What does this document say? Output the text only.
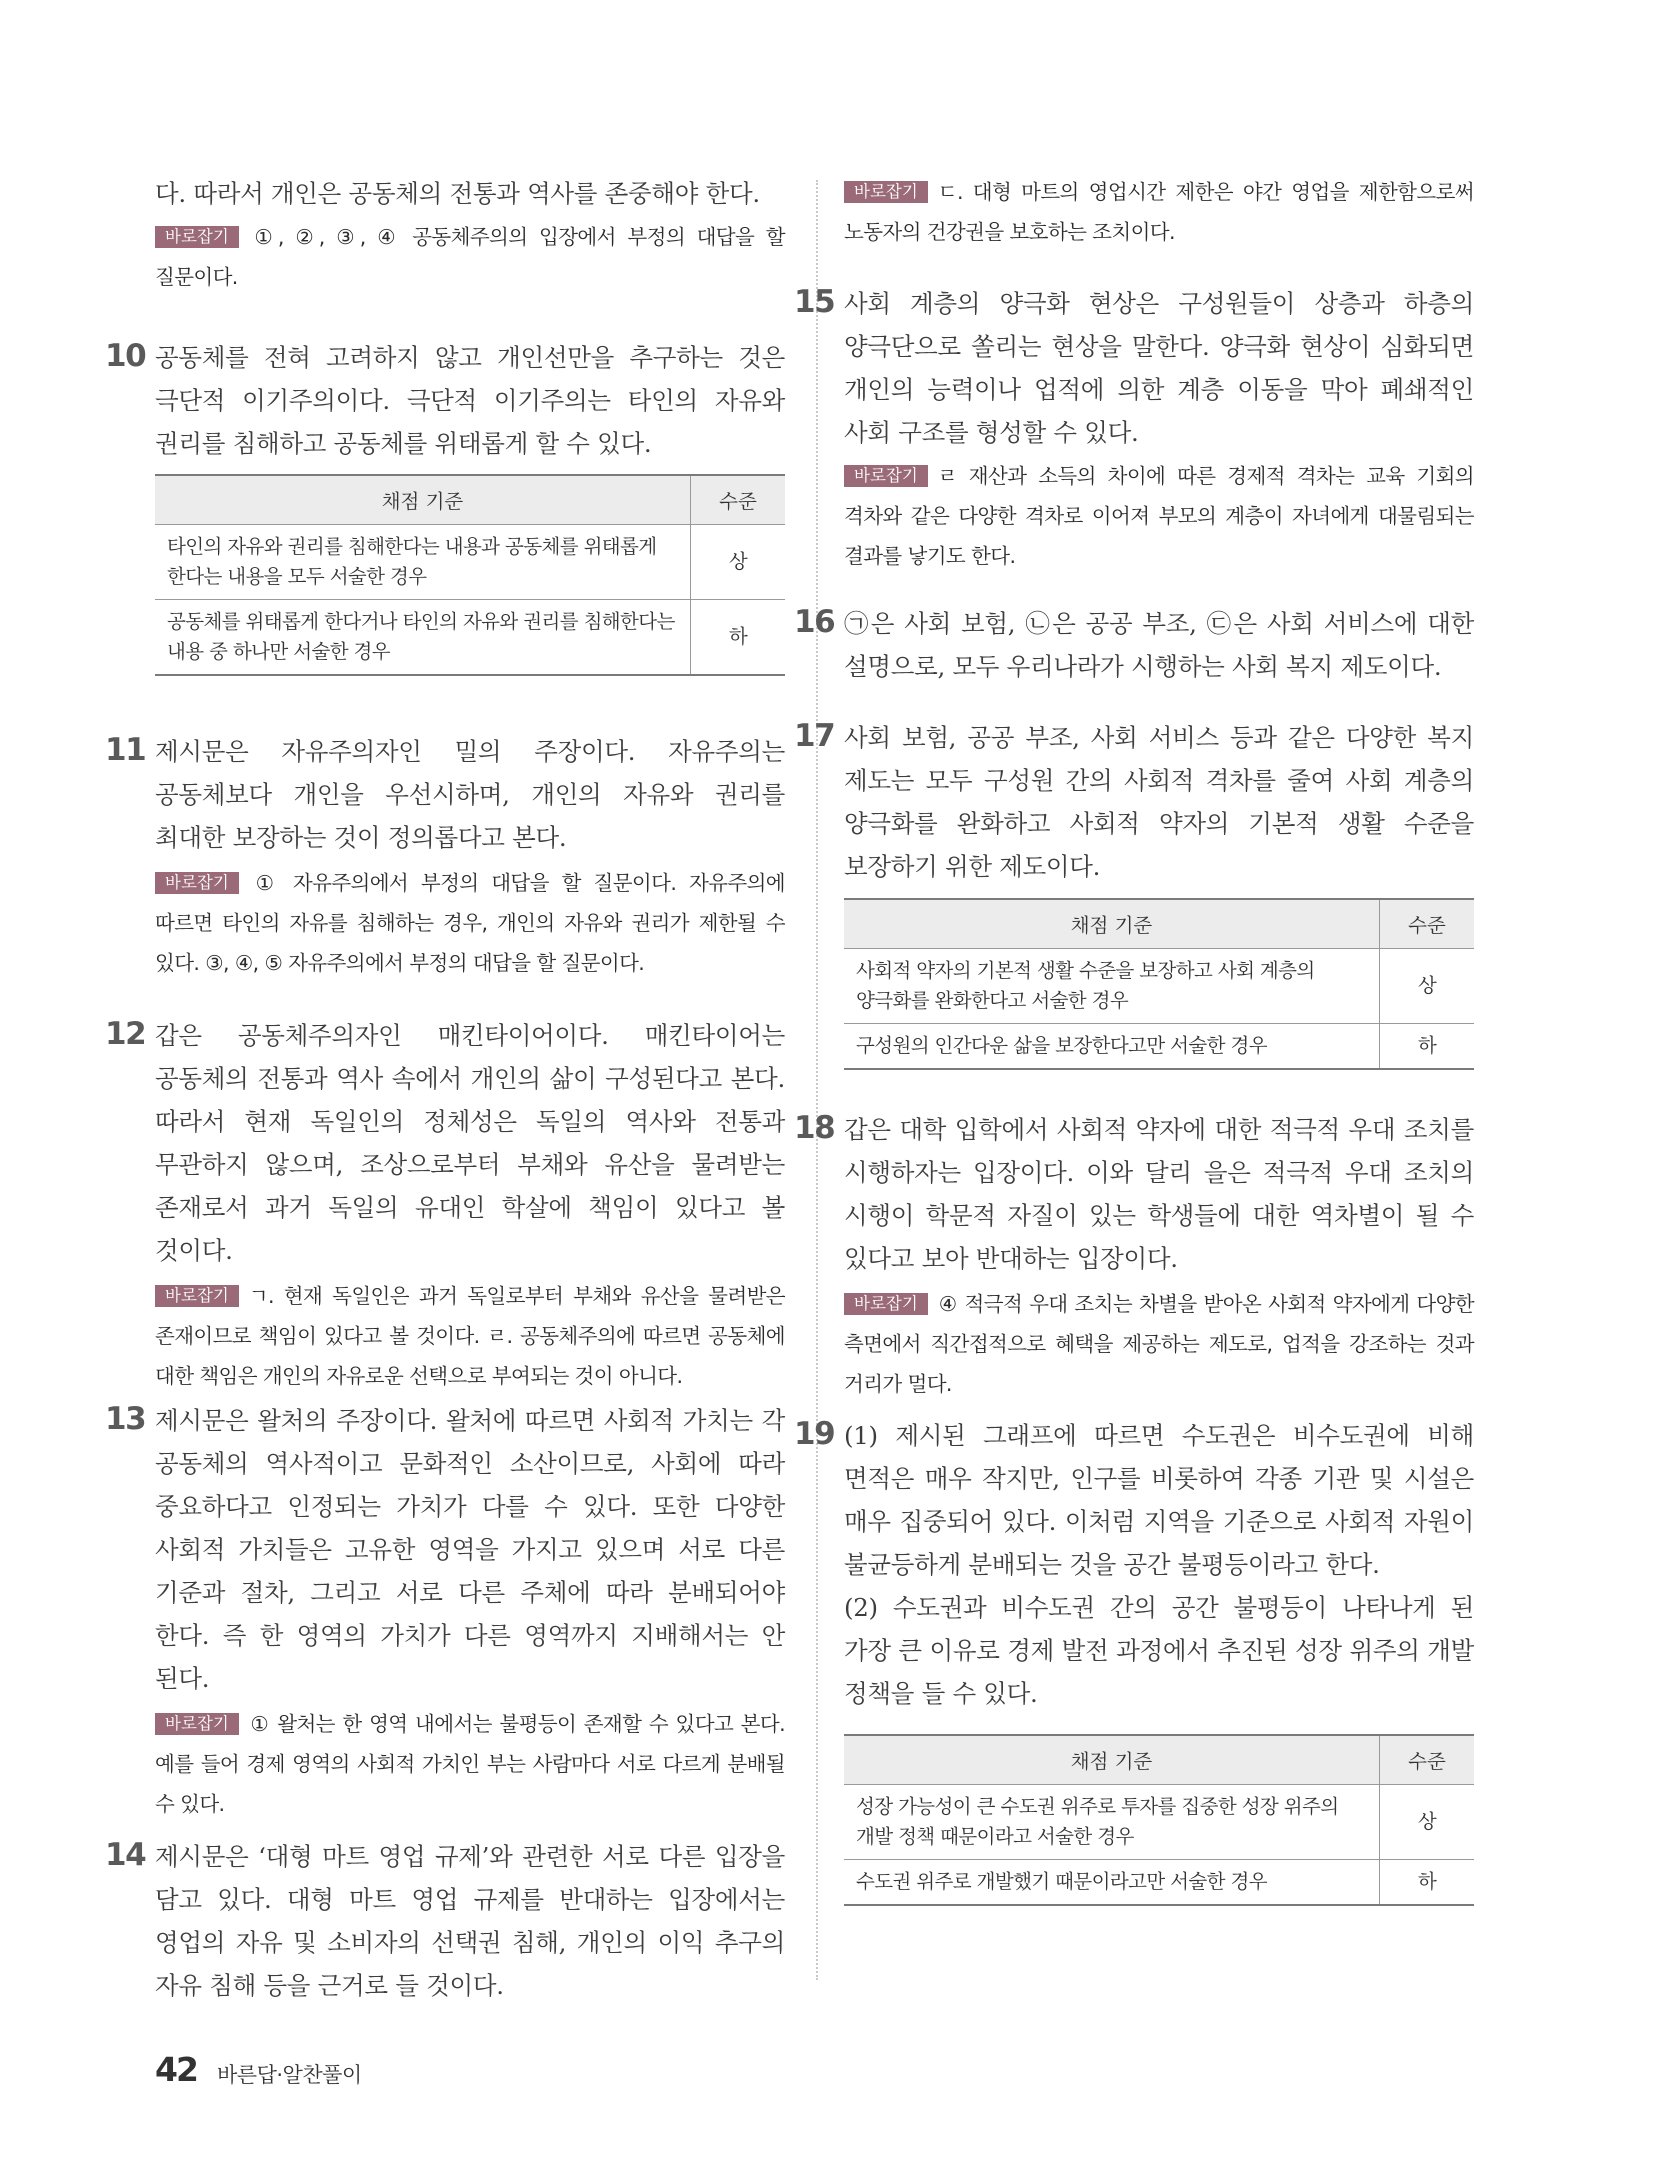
다. 따라서 개인은 공동체의 전통과 역사를 존중해야 한다.
바로잡기 ①, ②, ③, ④ 공동체주의의 입장에서 부정의 대답을 할 질문이다.
10 공동체를 전혀 고려하지 않고 개인선만을 추구하는 것은 극단적 이기주의이다. 극단적 이기주의는 타인의 자유와 권리를 침해하고 공동체를 위태롭게 할 수 있다.
채점 기준	수준
타인의 자유와 권리를 침해한다는 내용과 공동체를 위태롭게 한다는 내용을 모두 서술한 경우	상
공동체를 위태롭게 한다거나 타인의 자유와 권리를 침해한다는 내용 중 하나만 서술한 경우	하
11 제시문은 자유주의자인 밀의 주장이다. 자유주의는 공동체보다 개인을 우선시하며, 개인의 자유와 권리를 최대한 보장하는 것이 정의롭다고 본다.
바로잡기 ① 자유주의에서 부정의 대답을 할 질문이다. 자유주의에 따르면 타인의 자유를 침해하는 경우, 개인의 자유와 권리가 제한될 수 있다. ③, ④, ⑤ 자유주의에서 부정의 대답을 할 질문이다.
12 갑은 공동체주의자인 매킨타이어이다. 매킨타이어는 공동체의 전통과 역사 속에서 개인의 삶이 구성된다고 본다. 따라서 현재 독일인의 정체성은 독일의 역사와 전통과 무관하지 않으며, 조상으로부터 부채와 유산을 물려받는 존재로서 과거 독일의 유대인 학살에 책임이 있다고 볼 것이다.
바로잡기 ㄱ. 현재 독일인은 과거 독일로부터 부채와 유산을 물려받은 존재이므로 책임이 있다고 볼 것이다. ㄹ. 공동체주의에 따르면 공동체에 대한 책임은 개인의 자유로운 선택으로 부여되는 것이 아니다.
13 제시문은 왈처의 주장이다. 왈처에 따르면 사회적 가치는 각 공동체의 역사적이고 문화적인 소산이므로, 사회에 따라 중요하다고 인정되는 가치가 다를 수 있다. 또한 다양한 사회적 가치들은 고유한 영역을 가지고 있으며 서로 다른 기준과 절차, 그리고 서로 다른 주체에 따라 분배되어야 한다. 즉 한 영역의 가치가 다른 영역까지 지배해서는 안 된다.
바로잡기 ① 왈처는 한 영역 내에서는 불평등이 존재할 수 있다고 본다. 예를 들어 경제 영역의 사회적 가치인 부는 사람마다 서로 다르게 분배될 수 있다.
14 제시문은 ‘대형 마트 영업 규제’와 관련한 서로 다른 입장을 담고 있다. 대형 마트 영업 규제를 반대하는 입장에서는 영업의 자유 및 소비자의 선택권 침해, 개인의 이익 추구의 자유 침해 등을 근거로 들 것이다.
바로잡기 ㄷ. 대형 마트의 영업시간 제한은 야간 영업을 제한함으로써 노동자의 건강권을 보호하는 조치이다.
15 사회 계층의 양극화 현상은 구성원들이 상층과 하층의 양극단으로 쏠리는 현상을 말한다. 양극화 현상이 심화되면 개인의 능력이나 업적에 의한 계층 이동을 막아 폐쇄적인 사회 구조를 형성할 수 있다.
바로잡기 ㄹ 재산과 소득의 차이에 따른 경제적 격차는 교육 기회의 격차와 같은 다양한 격차로 이어져 부모의 계층이 자녀에게 대물림되는 결과를 낳기도 한다.
16 ㉠은 사회 보험, ㉡은 공공 부조, ㉢은 사회 서비스에 대한 설명으로, 모두 우리나라가 시행하는 사회 복지 제도이다.
17 사회 보험, 공공 부조, 사회 서비스 등과 같은 다양한 복지 제도는 모두 구성원 간의 사회적 격차를 줄여 사회 계층의 양극화를 완화하고 사회적 약자의 기본적 생활 수준을 보장하기 위한 제도이다.
채점 기준	수준
사회적 약자의 기본적 생활 수준을 보장하고 사회 계층의 양극화를 완화한다고 서술한 경우	상
구성원의 인간다운 삶을 보장한다고만 서술한 경우	하
18 갑은 대학 입학에서 사회적 약자에 대한 적극적 우대 조치를 시행하자는 입장이다. 이와 달리 을은 적극적 우대 조치의 시행이 학문적 자질이 있는 학생들에 대한 역차별이 될 수 있다고 보아 반대하는 입장이다.
바로잡기 ④ 적극적 우대 조치는 차별을 받아온 사회적 약자에게 다양한 측면에서 직간접적으로 혜택을 제공하는 제도로, 업적을 강조하는 것과 거리가 멀다.
19 (1) 제시된 그래프에 따르면 수도권은 비수도권에 비해 면적은 매우 작지만, 인구를 비롯하여 각종 기관 및 시설은 매우 집중되어 있다. 이처럼 지역을 기준으로 사회적 자원이 불균등하게 분배되는 것을 공간 불평등이라고 한다.
(2) 수도권과 비수도권 간의 공간 불평등이 나타나게 된 가장 큰 이유로 경제 발전 과정에서 추진된 성장 위주의 개발 정책을 들 수 있다.
채점 기준	수준
성장 가능성이 큰 수도권 위주로 투자를 집중한 성장 위주의 개발 정책 때문이라고 서술한 경우	상
수도권 위주로 개발했기 때문이라고만 서술한 경우	하
42 바른답·알찬풀이
